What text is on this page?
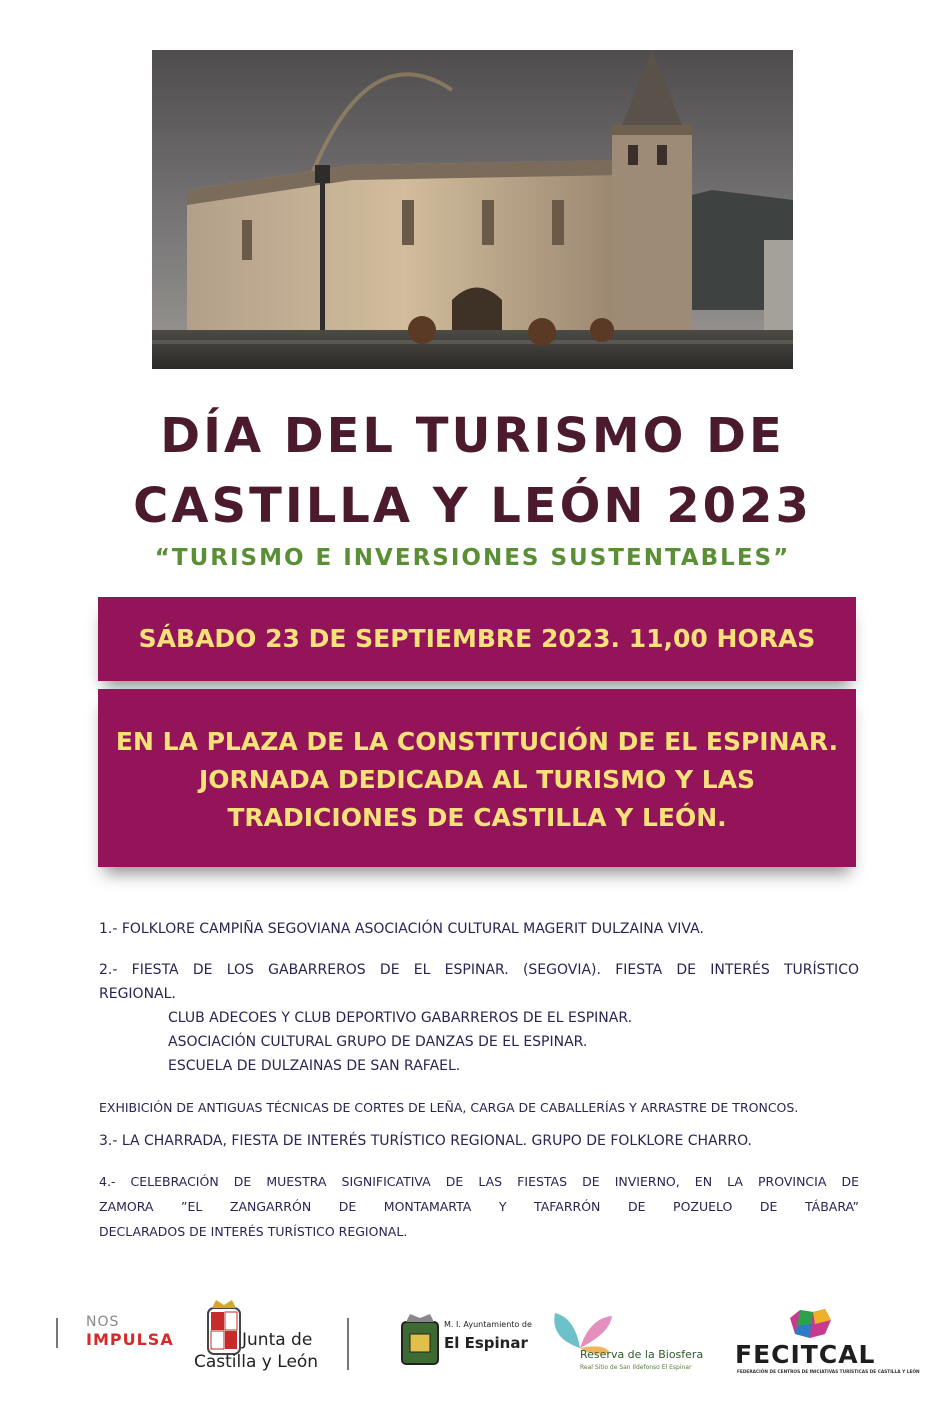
DÍA DEL TURISMO DE
CASTILLA Y LEÓN 2023
“TURISMO E INVERSIONES SUSTENTABLES”
SÁBADO 23 DE SEPTIEMBRE 2023. 11,00 HORAS
EN LA PLAZA DE LA CONSTITUCIÓN DE EL ESPINAR.
JORNADA DEDICADA AL TURISMO Y LAS
TRADICIONES DE CASTILLA Y LEÓN.
1.- FOLKLORE CAMPIÑA SEGOVIANA ASOCIACIÓN CULTURAL MAGERIT DULZAINA VIVA.
2.- FIESTA DE LOS GABARREROS DE EL ESPINAR. (SEGOVIA). FIESTA DE INTERÉS TURÍSTICO
REGIONAL.
CLUB ADECOES Y CLUB DEPORTIVO GABARREROS DE EL ESPINAR.
ASOCIACIÓN CULTURAL GRUPO DE DANZAS DE EL ESPINAR.
ESCUELA DE DULZAINAS DE SAN RAFAEL.
EXHIBICIÓN DE ANTIGUAS TÉCNICAS DE CORTES DE LEÑA, CARGA DE CABALLERÍAS Y ARRASTRE DE TRONCOS.
3.- LA CHARRADA, FIESTA DE INTERÉS TURÍSTICO REGIONAL. GRUPO DE FOLKLORE CHARRO.
4.- CELEBRACIÓN DE MUESTRA SIGNIFICATIVA DE LAS FIESTAS DE INVIERNO, EN LA PROVINCIA DE
ZAMORA ”EL ZANGARRÓN DE MONTAMARTA Y TAFARRÓN DE POZUELO DE TÁBARA”
DECLARADOS DE INTERÉS TURÍSTICO REGIONAL.
NOS
IMPULSA	Junta de
Castilla y León
M. I. Ayuntamiento de
El Espinar
Reserva de la Biosfera
Real Sitio de San Ildefonso El Espinar FECITCAL
FEDERACIÓN DE CENTROS DE INICIATIVAS TURÍSTICAS DE CASTILLA Y LEÓN
